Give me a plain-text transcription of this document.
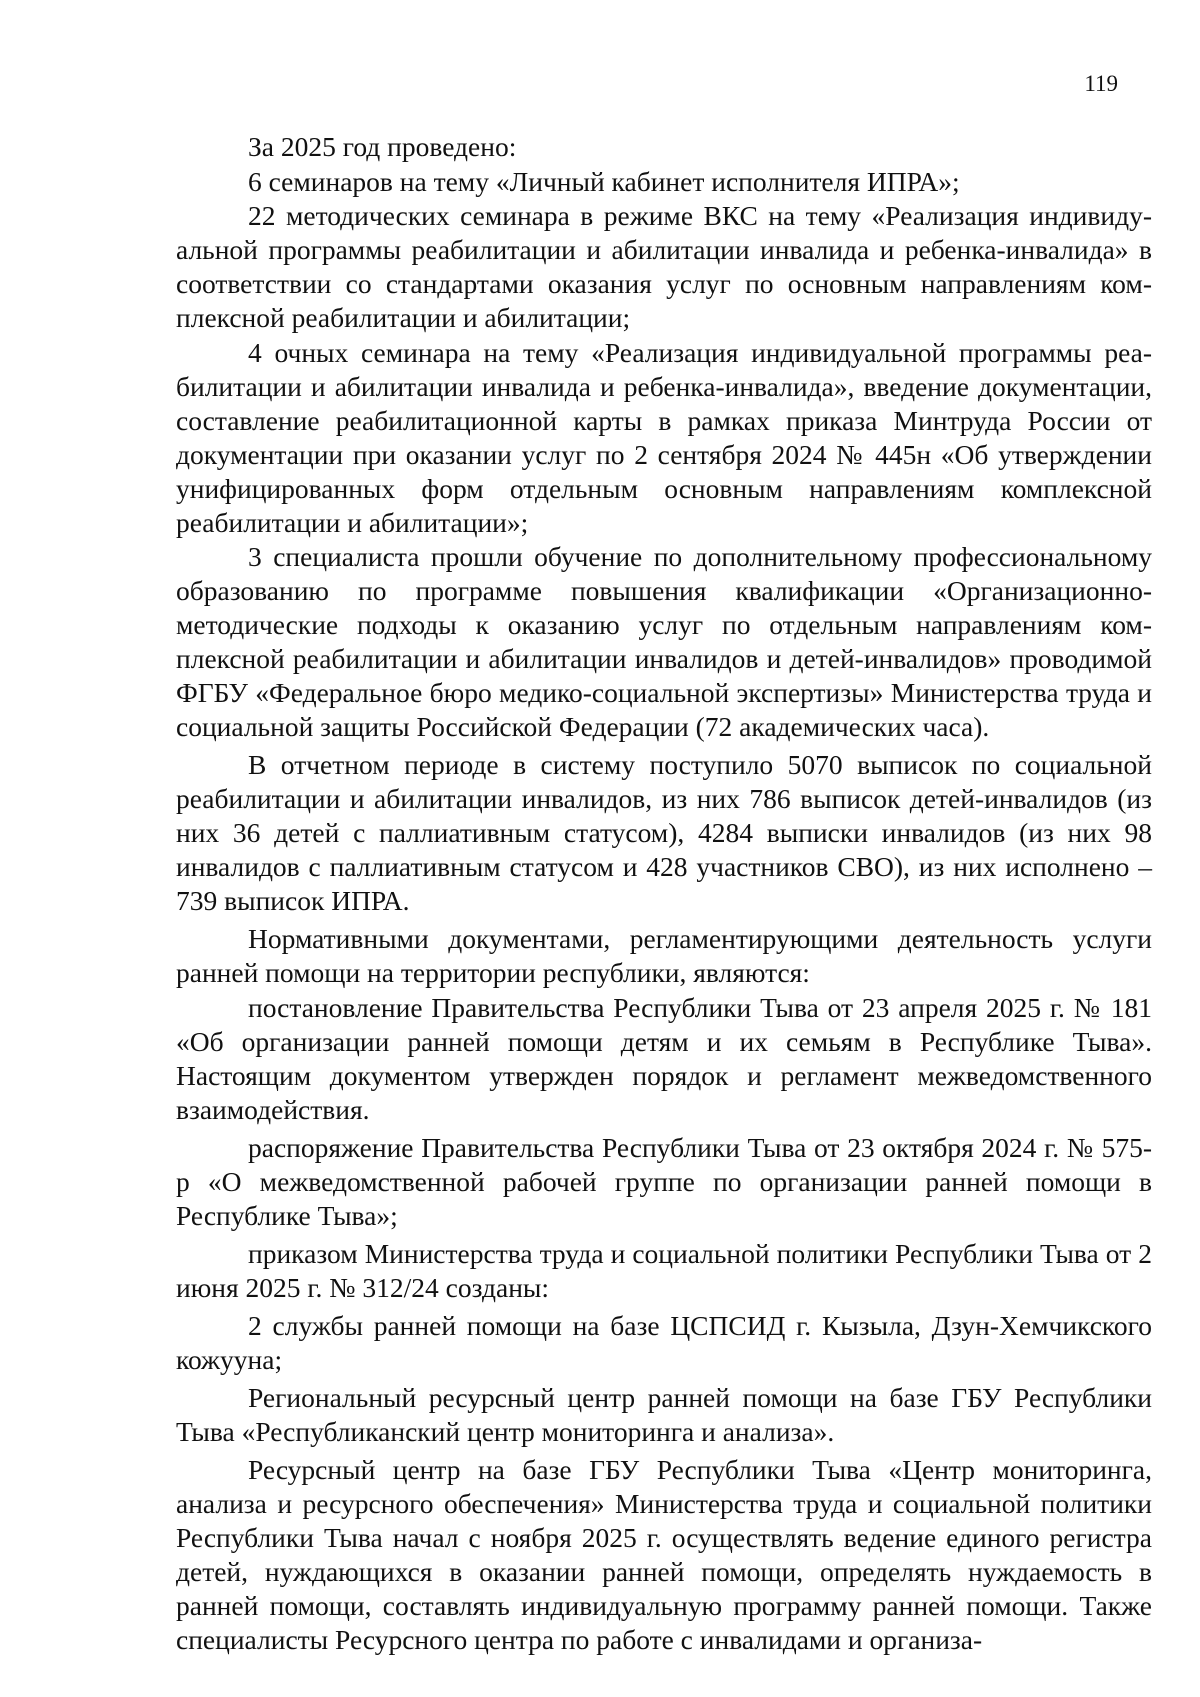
119

За 2025 год проведено:

6 семинаров на тему «Личный кабинет исполнителя ИПРА»;

22 методических семинара в режиме ВКС на тему «Реализация индивидуальной программы реабилитации и абилитации инвалида и ребенка-инвалида» в соответствии со стандартами оказания услуг по основным направлениям комплексной реабилитации и абилитации;

4 очных семинара на тему «Реализация индивидуальной программы реабилитации и абилитации инвалида и ребенка-инвалида», введение документации, составление реабилитационной карты в рамках приказа Минтруда России от документации при оказании услуг по 2 сентября 2024 № 445н «Об утверждении унифицированных форм отдельным основным направлениям комплексной реабилитации и абилитации»;

3 специалиста прошли обучение по дополнительному профессиональному образованию по программе повышения квалификации «Организационно-методические подходы к оказанию услуг по отдельным направлениям комплексной реабилитации и абилитации инвалидов и детей-инвалидов» проводимой ФГБУ «Федеральное бюро медико-социальной экспертизы» Министерства труда и социальной защиты Российской Федерации (72 академических часа).

В отчетном периоде в систему поступило 5070 выписок по социальной реабилитации и абилитации инвалидов, из них 786 выписок детей-инвалидов (из них 36 детей с паллиативным статусом), 4284 выписки инвалидов (из них 98 инвалидов с паллиативным статусом и 428 участников СВО), из них исполнено – 739 выписок ИПРА.

Нормативными документами, регламентирующими деятельность услуги ранней помощи на территории республики, являются:

постановление Правительства Республики Тыва от 23 апреля 2025 г. № 181 «Об организации ранней помощи детям и их семьям в Республике Тыва». Настоящим документом утвержден порядок и регламент межведомственного взаимодействия.

распоряжение Правительства Республики Тыва от 23 октября 2024 г. № 575-р «О межведомственной рабочей группе по организации ранней помощи в Республике Тыва»;

приказом Министерства труда и социальной политики Республики Тыва от 2 июня 2025 г. № 312/24 созданы:

2 службы ранней помощи на базе ЦСПСИД г. Кызыла, Дзун-Хемчикского кожууна;

Региональный ресурсный центр ранней помощи на базе ГБУ Республики Тыва «Республиканский центр мониторинга и анализа».

Ресурсный центр на базе ГБУ Республики Тыва «Центр мониторинга, анализа и ресурсного обеспечения» Министерства труда и социальной политики Республики Тыва начал с ноября 2025 г. осуществлять ведение единого регистра детей, нуждающихся в оказании ранней помощи, определять нуждаемость в ранней помощи, составлять индивидуальную программу ранней помощи. Также специалисты Ресурсного центра по работе с инвалидами и организа-
